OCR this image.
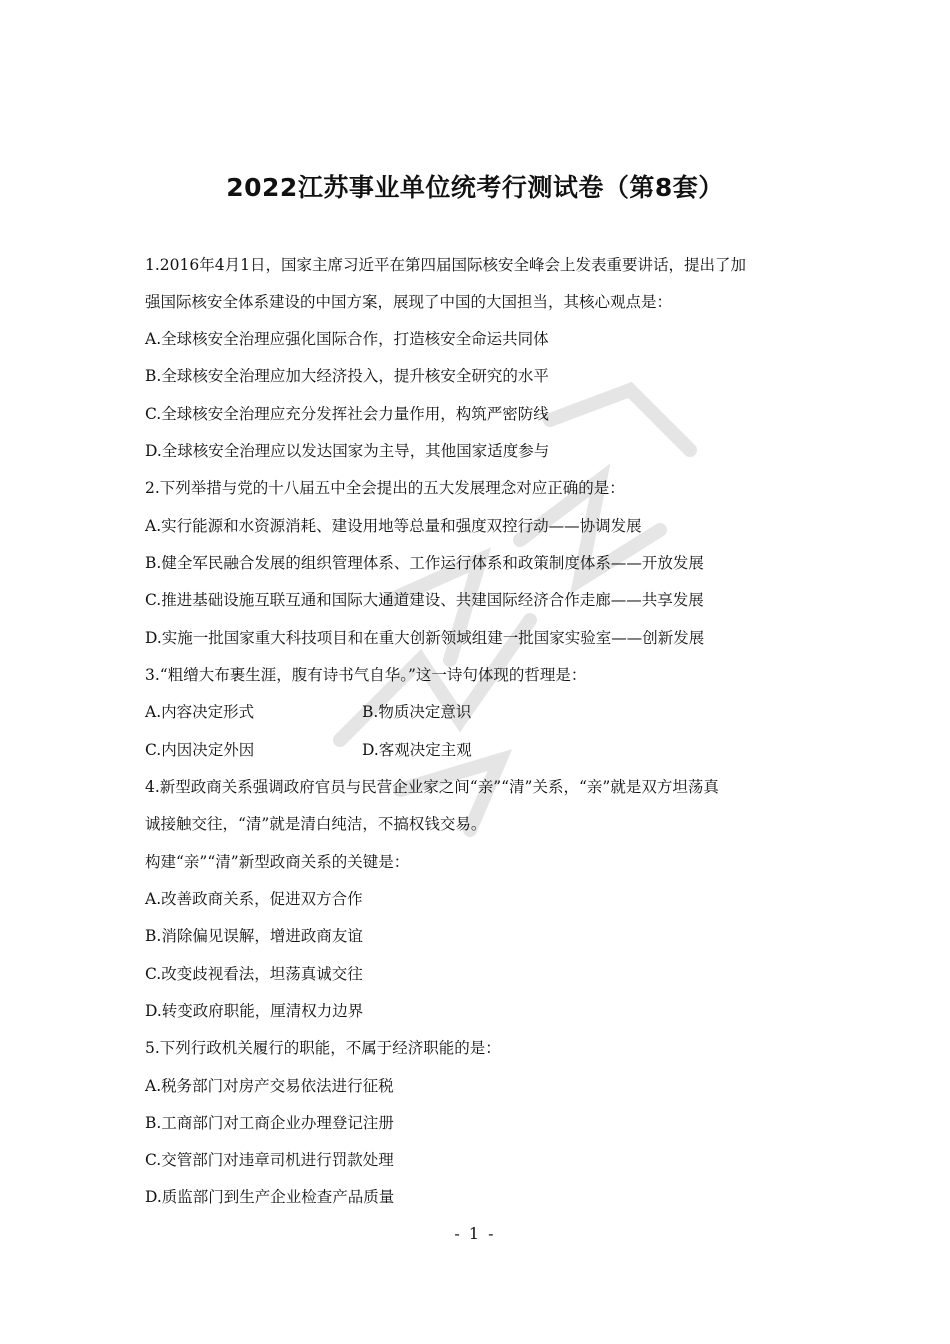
2022江苏事业单位统考行测试卷（第8套）
1.2016年4月1日，国家主席习近平在第四届国际核安全峰会上发表重要讲话，提出了加
强国际核安全体系建设的中国方案，展现了中国的大国担当，其核心观点是：
A.全球核安全治理应强化国际合作，打造核安全命运共同体
B.全球核安全治理应加大经济投入，提升核安全研究的水平
C.全球核安全治理应充分发挥社会力量作用，构筑严密防线
D.全球核安全治理应以发达国家为主导，其他国家适度参与
2.下列举措与党的十八届五中全会提出的五大发展理念对应正确的是：
A.实行能源和水资源消耗、建设用地等总量和强度双控行动——协调发展
B.健全军民融合发展的组织管理体系、工作运行体系和政策制度体系——开放发展
C.推进基础设施互联互通和国际大通道建设、共建国际经济合作走廊——共享发展
D.实施一批国家重大科技项目和在重大创新领域组建一批国家实验室——创新发展
3.“粗缯大布裹生涯，腹有诗书气自华。”这一诗句体现的哲理是：
A.内容决定形式	B.物质决定意识
C.内因决定外因	D.客观决定主观
4.新型政商关系强调政府官员与民营企业家之间“亲”“清”关系，“亲”就是双方坦荡真
诚接触交往，“清”就是清白纯洁，不搞权钱交易。
构建“亲”“清”新型政商关系的关键是：
A.改善政商关系，促进双方合作
B.消除偏见误解，增进政商友谊
C.改变歧视看法，坦荡真诚交往
D.转变政府职能，厘清权力边界
5.下列行政机关履行的职能，不属于经济职能的是：
A.税务部门对房产交易依法进行征税
B.工商部门对工商企业办理登记注册
C.交管部门对违章司机进行罚款处理
D.质监部门到生产企业检查产品质量
- 1 -
